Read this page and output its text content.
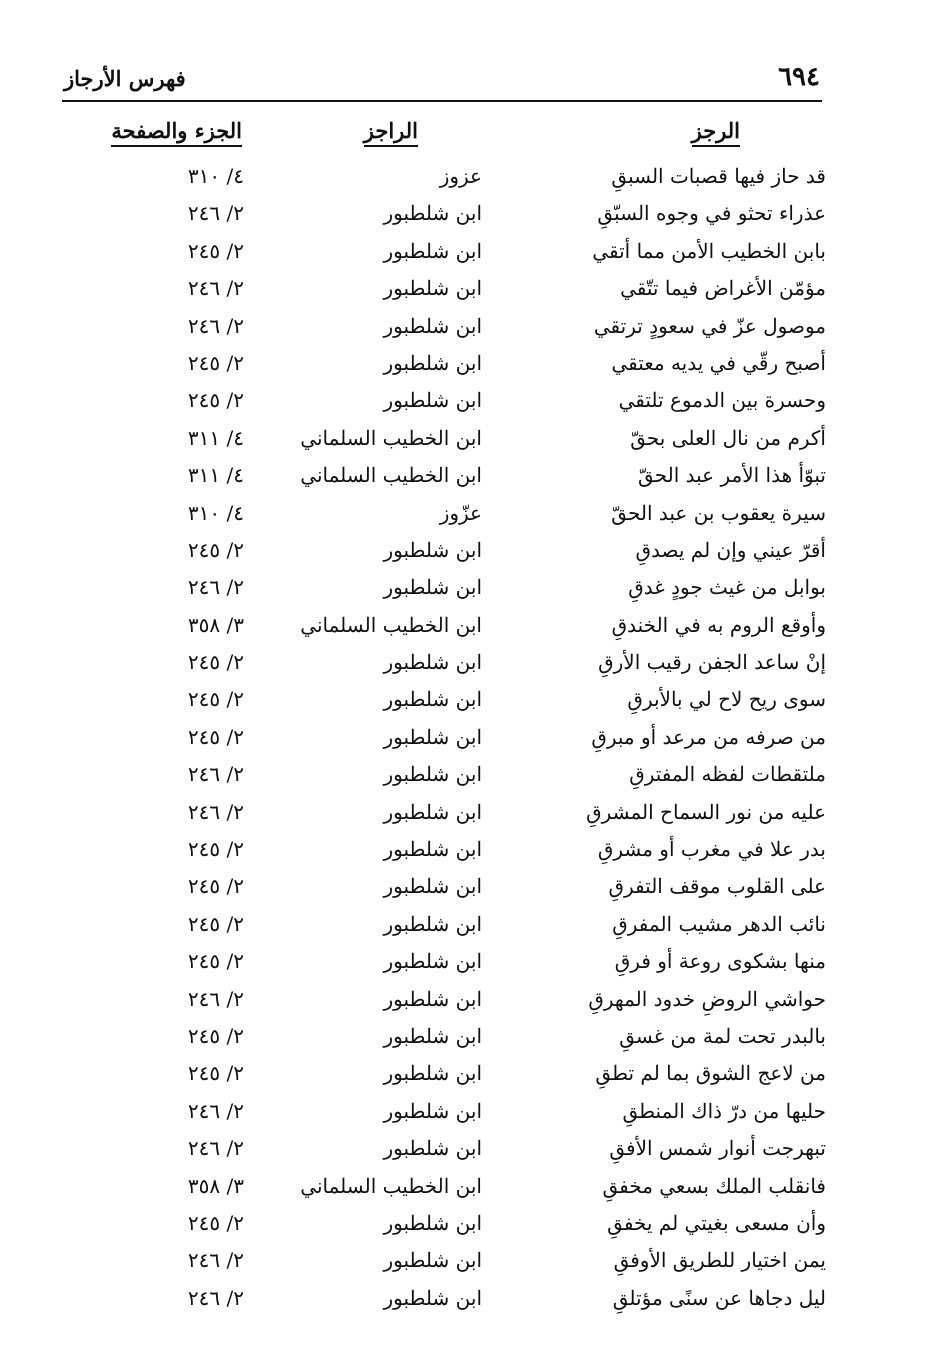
٦٩٤
فهرس الأرجاز
الرجز
الراجز
الجزء والصفحة
قد حاز فيها قصبات السبقِ
عزوز
٤/ ٣١٠
عذراء تحثو في وجوه السبّقِ
ابن شلطبور
٢/ ٢٤٦
بابن الخطيب الأمن مما أتقي
ابن شلطبور
٢/ ٢٤٥
مؤمّن الأغراض فيما تتّقي
ابن شلطبور
٢/ ٢٤٦
موصول عزّ في سعودٍ ترتقي
ابن شلطبور
٢/ ٢٤٦
أصبح رقّي في يديه معتقي
ابن شلطبور
٢/ ٢٤٥
وحسرة بين الدموع تلتقي
ابن شلطبور
٢/ ٢٤٥
أكرم من نال العلى بحقّ
ابن الخطيب السلماني
٤/ ٣١١
تبوّأ هذا الأمر عبد الحقّ
ابن الخطيب السلماني
٤/ ٣١١
سيرة يعقوب بن عبد الحقّ
عزّوز
٤/ ٣١٠
أقرّ عيني وإن لم يصدقِ
ابن شلطبور
٢/ ٢٤٥
بوابل من غيث جودٍ غدقِ
ابن شلطبور
٢/ ٢٤٦
وأوقع الروم به في الخندقِ
ابن الخطيب السلماني
٣/ ٣٥٨
إنْ ساعد الجفن رقيب الأرقِ
ابن شلطبور
٢/ ٢٤٥
سوى ريح لاح لي بالأبرقِ
ابن شلطبور
٢/ ٢٤٥
من صرفه من مرعد أو مبرقِ
ابن شلطبور
٢/ ٢٤٥
ملتقطات لفظه المفترقِ
ابن شلطبور
٢/ ٢٤٦
عليه من نور السماح المشرقِ
ابن شلطبور
٢/ ٢٤٦
بدر علا في مغرب أو مشرقِ
ابن شلطبور
٢/ ٢٤٥
على القلوب موقف التفرقِ
ابن شلطبور
٢/ ٢٤٥
نائب الدهر مشيب المفرقِ
ابن شلطبور
٢/ ٢٤٥
منها بشكوى روعة أو فرقِ
ابن شلطبور
٢/ ٢٤٥
حواشي الروضِ خدود المهرقِ
ابن شلطبور
٢/ ٢٤٦
بالبدر تحت لمة من غسقِ
ابن شلطبور
٢/ ٢٤٥
من لاعج الشوق بما لم تطقِ
ابن شلطبور
٢/ ٢٤٥
حليها من درّ ذاك المنطقِ
ابن شلطبور
٢/ ٢٤٦
تبهرجت أنوار شمس الأفقِ
ابن شلطبور
٢/ ٢٤٦
فانقلب الملك بسعي مخفقِ
ابن الخطيب السلماني
٣/ ٣٥٨
وأن مسعى بغيتي لم يخفقِ
ابن شلطبور
٢/ ٢٤٥
يمن اختيار للطريق الأوفقِ
ابن شلطبور
٢/ ٢٤٦
ليل دجاها عن سنًى مؤتلقِ
ابن شلطبور
٢/ ٢٤٦
